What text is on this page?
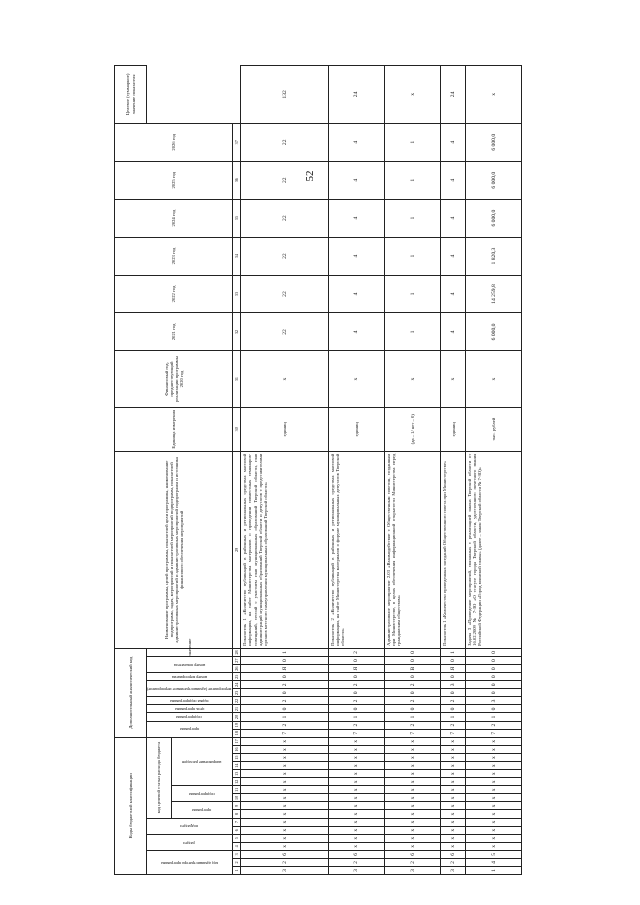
52
Коды бюджетной классификации																	Дополнительный аналитический код											Наименование программы, целей программы, показателей цели программы, наименование подпрограмм, задач, мероприятий и показателей мероприятий подпрограмм, показателей административных мероприятий и административных мероприятий подпрограмм и источника финансового обеспечения мероприятий	Единица измерения	Финансовый год, предшествующий реализации программы 2020 год	2021 год	2022 год	2023 год	2024 год	2025 год	2026 год	Целевое (суммарное) значение показателя
код администратора программы			раздел		подраздел		код целевой статьи расхода бюджета										программа		подпрограмма	цель программы	задача подпрограммы	мероприятие (административное мероприятие)		номер мероприятия	номер показателя		значение										
							программа		подпрограмма		направление расходов																										
1	2	3	4	5	6	7	8	9	10	11	12	13	14	15	16	17	18	19	20	21	22	23	24	25	26	27	28	29	30	31	32	33	34	35	36	37	
3	2	6	х	х	х	х	х	х	х	х	х	х	х	х	х	х	7	2	1	0	2	0	2	0	Я	0	1	Показатель 1 «Количество публикаций в районных и региональных средствах массовой информации, на сайте Министерства материалов о проведении совместных семинаров-совещаний, сессий с участием глав муниципальных образований Тверской области, глав администраций муниципальных образований Тверской области и депутатов с представителями органов местного самоуправления муниципальных образований Тверской области»	единиц	х	22	22	22	22	22	22	132
3	2	6	х	х	х	х	х	х	х	х	х	х	х	х	х	х	7	2	1	0	2	0	2	0	Я	0	2	Показатель 2 «Количество публикаций в районных и региональных средствах массовой информации, на сайте Министерства материалов о форуме муниципальных депутатов Тверской области»	единиц	х	4	4	4	4	4	4	24
3	2	6	х	х	х	х	х	х	х	х	х	х	х	х	х	х	7	2	1	0	2	0	2	0	В	0	0	Административное мероприятие 2.03 «Взаимодействие с Общественным советом, созданным при Министерстве, в целях обеспечения информационной открытости Министерства перед гражданским обществом»	(да – 1/ нет – 0)	х	1	1	1	1	1	1	х
3	2	6	х	х	х	х	х	х	х	х	х	х	х	х	х	х	7	2	1	0	2	0	3	0	Я	0	1	Показатель 1 «Количество проведенных заседаний Общественного совета при Министерстве»	единиц	х	4	4	4	4	4	4	24
1	4	5	х	х	х	х	х	х	х	х	х	х	х	х	х	х	7	2	1	0	3	0	0	0	0	0	0	Задача 3 «Проведение мероприятий, связанных с реализацией закона Тверской области от 16.02.2009 № 7-ЗО «О статусе города Тверской области, удостоенного почетного звания Российской Федерации «Город воинской славы» (далее – закон Тверской области № 7-ЗО)»	тыс. рублей	х	6 000,0	14 259,8	1 820,3	6 000,0	6 000,0	6 000,0	х
